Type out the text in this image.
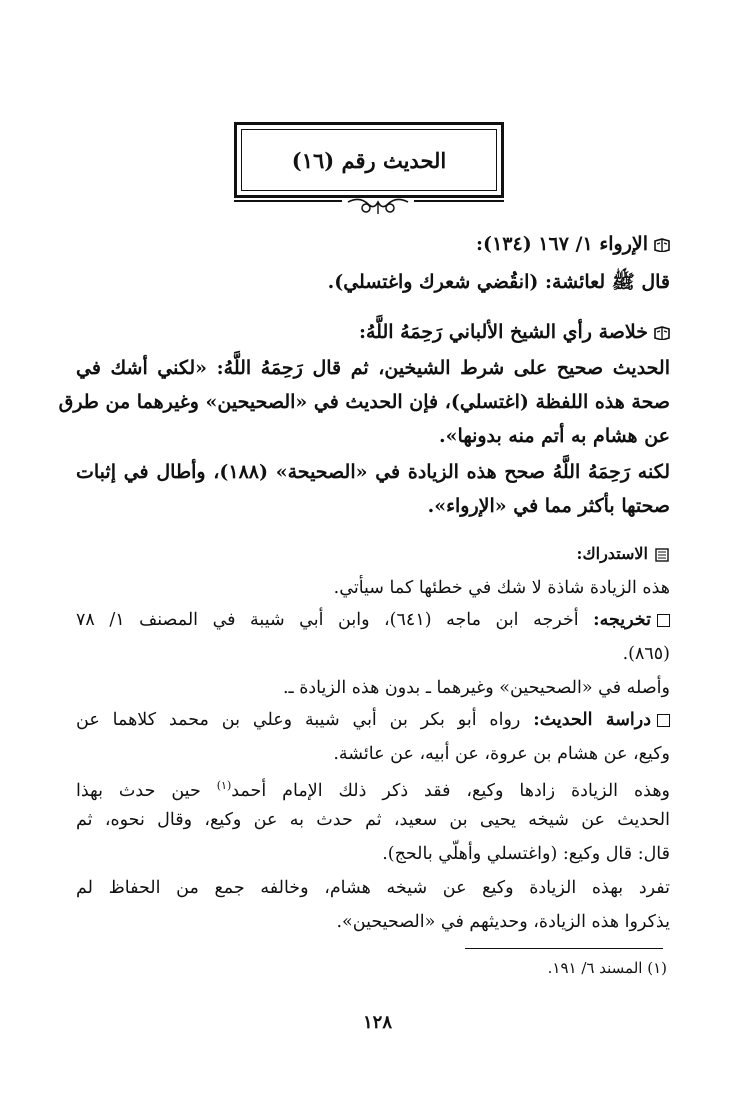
الحديث رقم (١٦)
الإرواء ١/ ١٦٧ (١٣٤):
قال ﷺ لعائشة: (انقُضي شعرك واغتسلي).
خلاصة رأي الشيخ الألباني رَحِمَهُ اللَّهُ:
الحديث صحيح على شرط الشيخين، ثم قال رَحِمَهُ اللَّهُ: «لكني أشك في
صحة هذه اللفظة (اغتسلي)، فإن الحديث في «الصحيحين» وغيرهما من طرق
عن هشام به أتم منه بدونها».
لكنه رَحِمَهُ اللَّهُ صحح هذه الزيادة في «الصحيحة» (١٨٨)، وأطال في إثبات
صحتها بأكثر مما في «الإرواء».
الاستدراك:
هذه الزيادة شاذة لا شك في خطئها كما سيأتي.
تخريجه: أخرجه ابن ماجه (٦٤١)، وابن أبي شيبة في المصنف ١/ ٧٨
(٨٦٥).
وأصله في «الصحيحين» وغيرهما ـ بدون هذه الزيادة ـ.
دراسة الحديث: رواه أبو بكر بن أبي شيبة وعلي بن محمد كلاهما عن
وكيع، عن هشام بن عروة، عن أبيه، عن عائشة.
وهذه الزيادة زادها وكيع، فقد ذكر ذلك الإمام أحمد$^{(١)}$ حين حدث بهذا
الحديث عن شيخه يحيى بن سعيد، ثم حدث به عن وكيع، وقال نحوه، ثم
قال: قال وكيع: (واغتسلي وأهلّي بالحج).
تفرد بهذه الزيادة وكيع عن شيخه هشام، وخالفه جمع من الحفاظ لم
يذكروا هذه الزيادة، وحديثهم في «الصحيحين».
(١) المسند ٦/ ١٩١.
١٢٨
